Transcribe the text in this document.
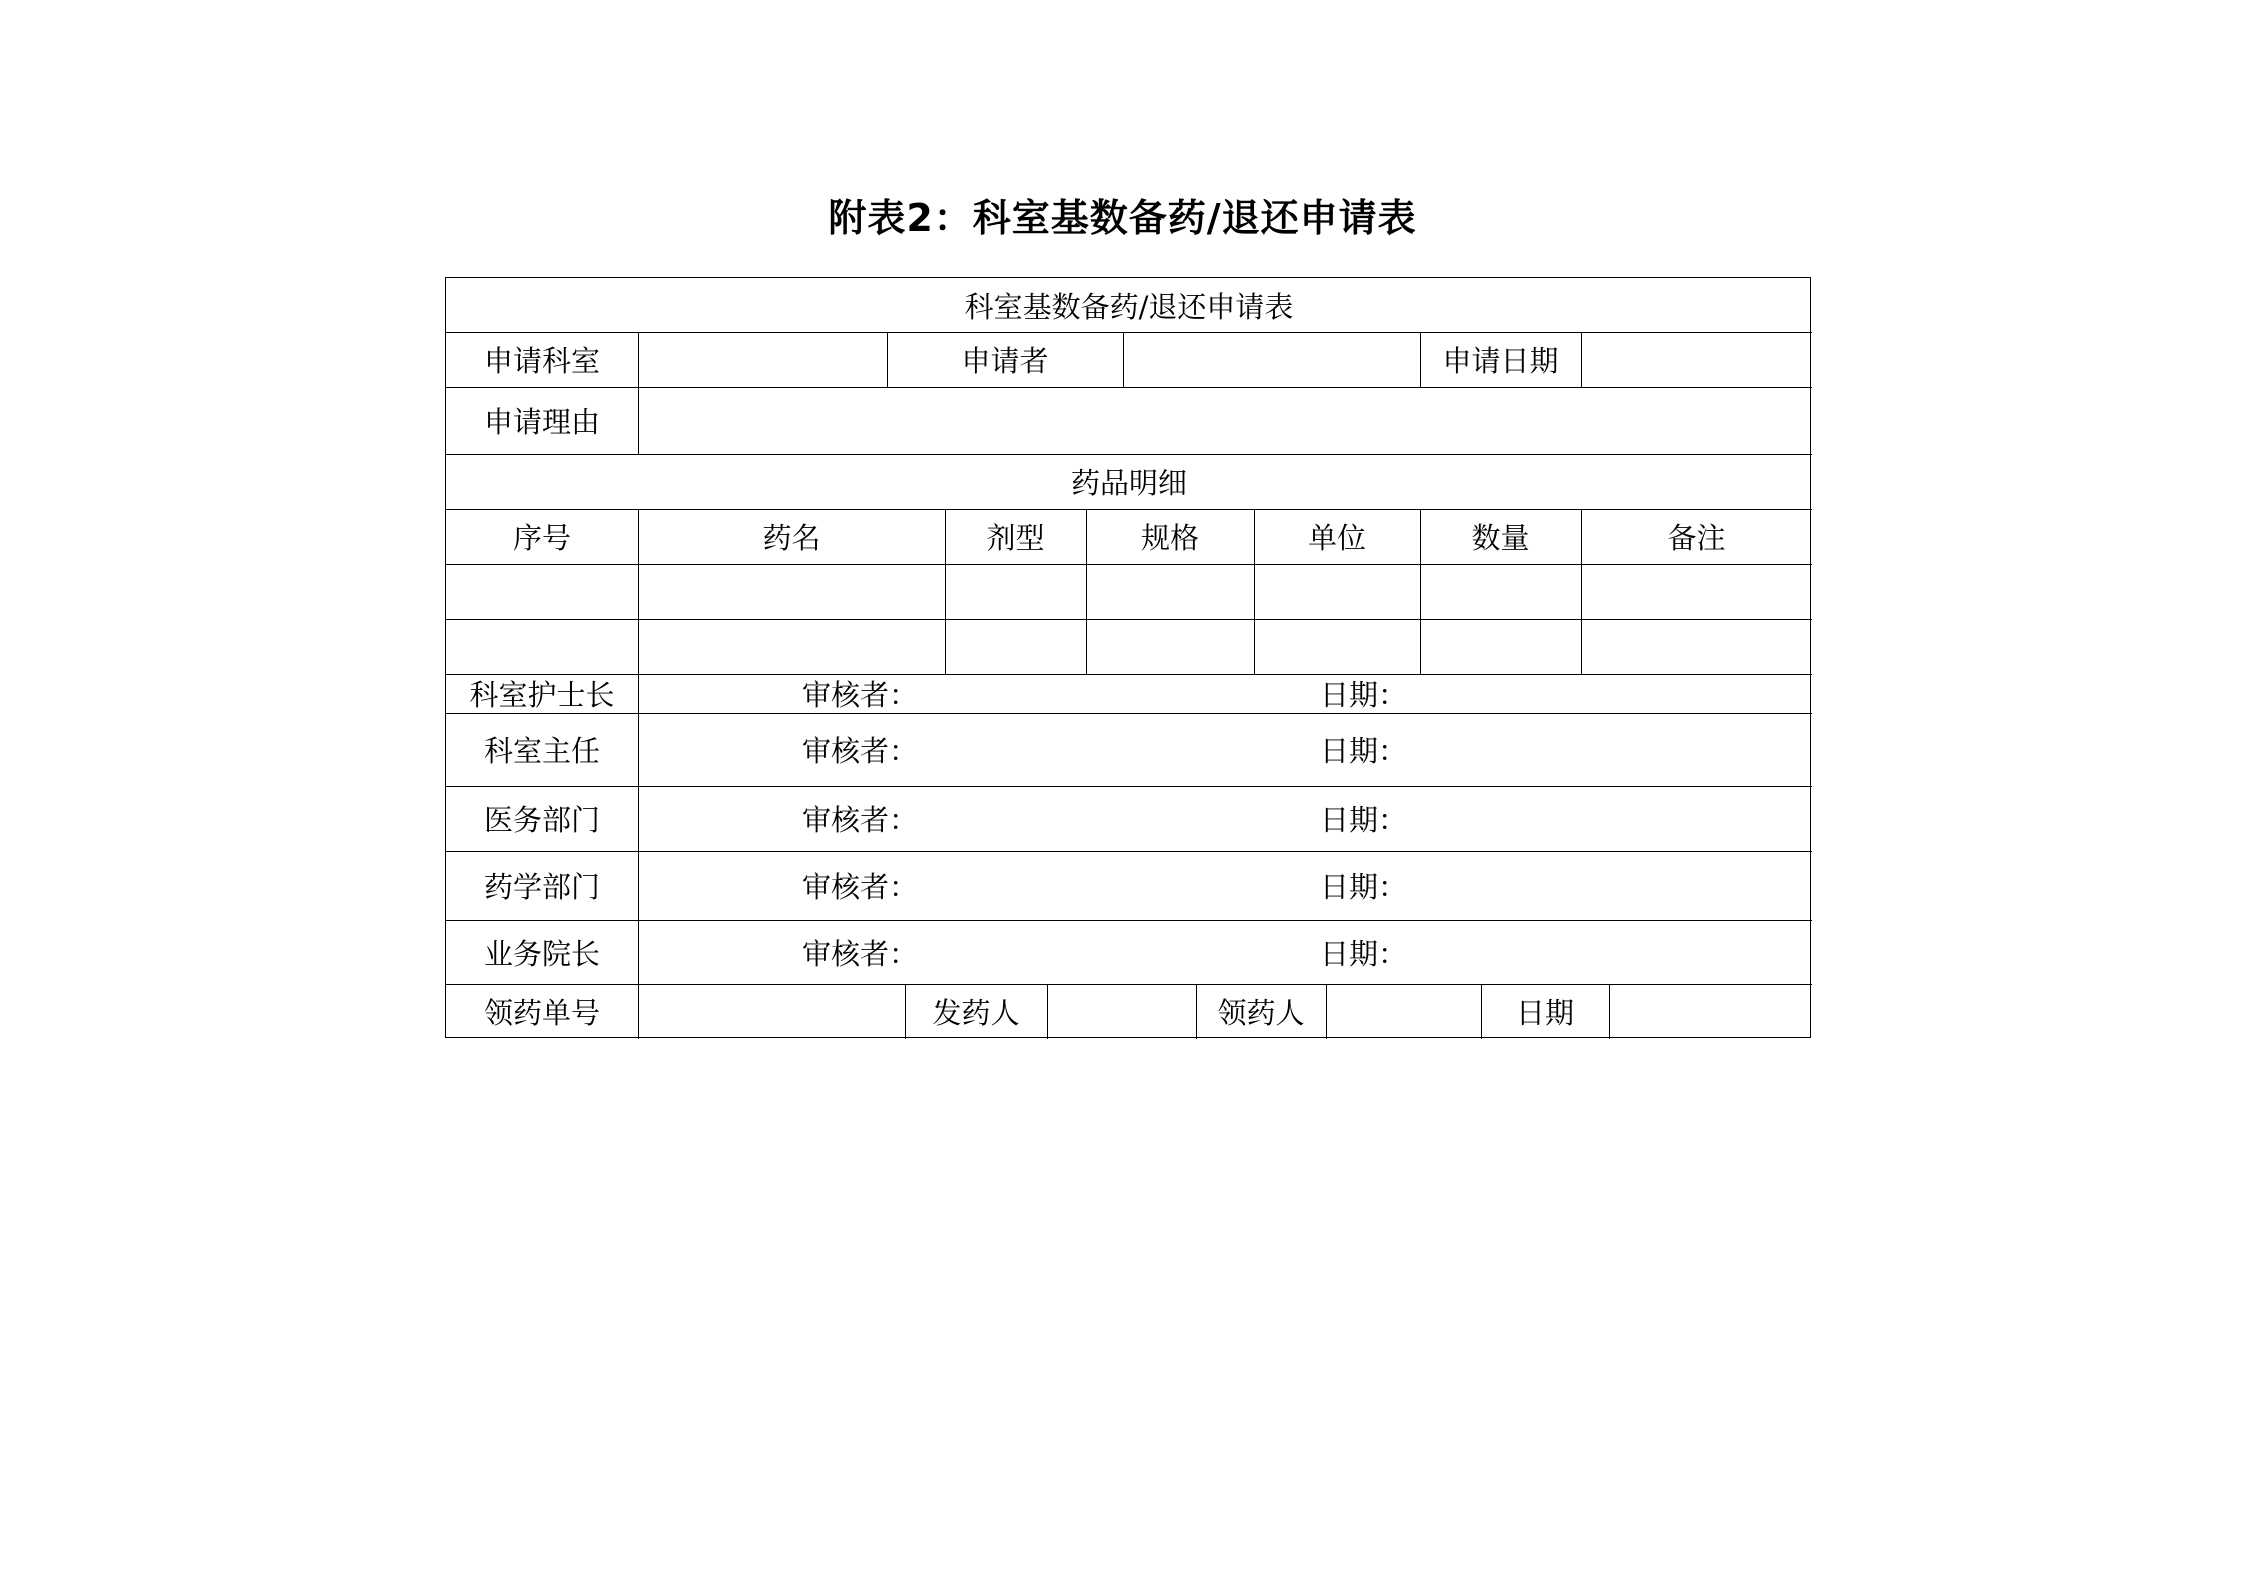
附表2：科室基数备药/退还申请表
科室基数备药/退还申请表
申请科室	申请者	申请日期
申请理由
药品明细
序号	药名	剂型	规格	单位	数量	备注
科室护士长	审核者：	日期：
科室主任	审核者：	日期：
医务部门	审核者：	日期：
药学部门	审核者：	日期：
业务院长	审核者：	日期：
领药单号	发药人	领药人	日期
